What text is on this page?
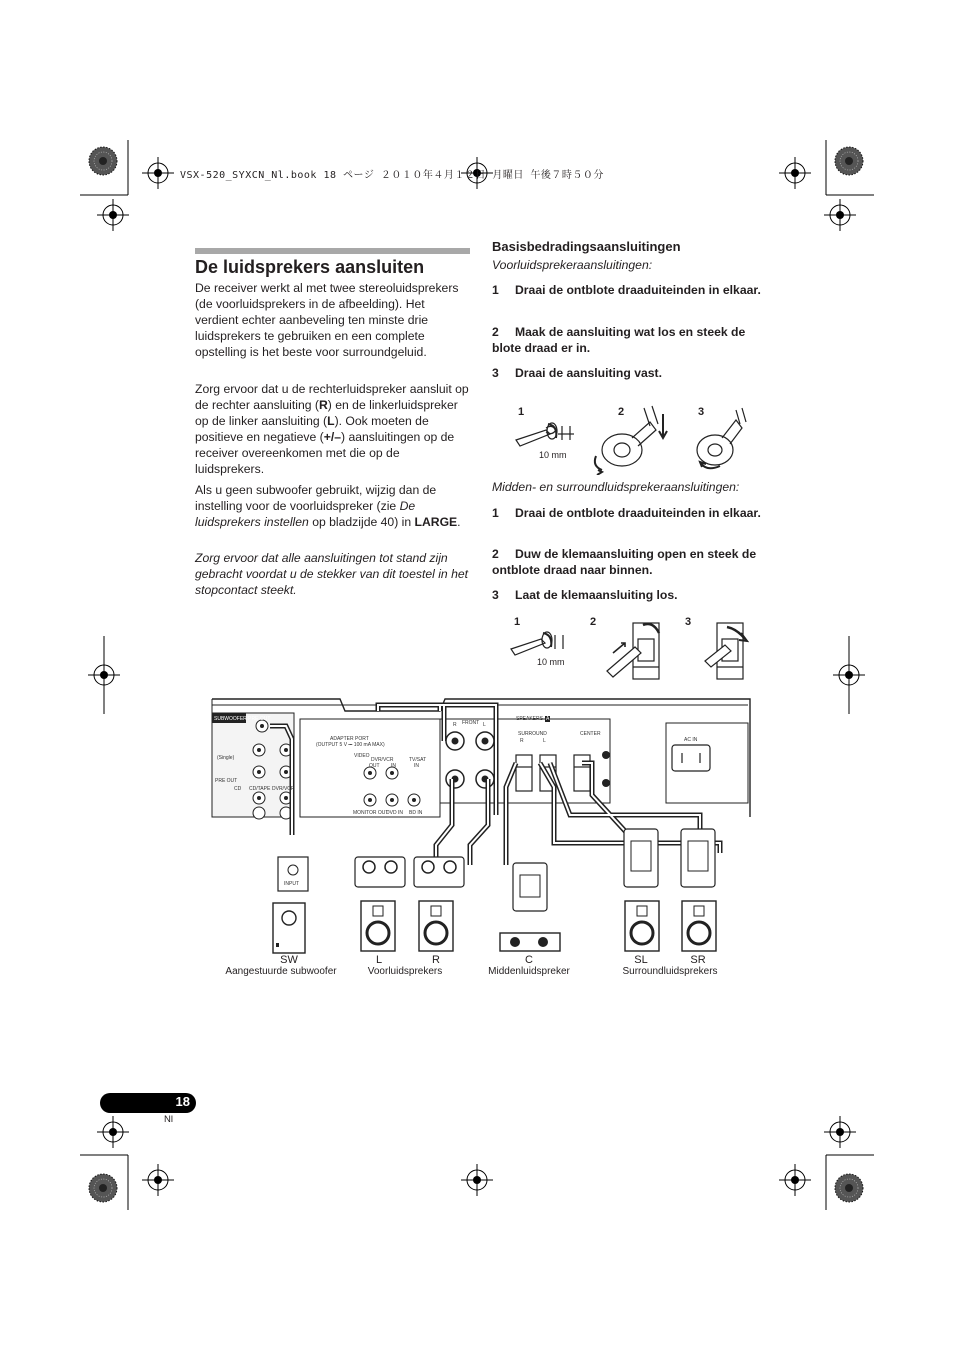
VSX-520_SYXCN_Nl.book 18 ページ ２０１０年４月１２日 月曜日 午後７時５０分
De luidsprekers aansluiten

De receiver werkt al met twee stereoluidsprekers (de voorluidsprekers in de afbeelding). Het verdient echter aanbeveling ten minste drie luidsprekers te gebruiken en een complete opstelling is het beste voor surroundgeluid.

Zorg ervoor dat u de rechterluidspreker aansluit op de rechter aansluiting (R) en de linkerluidspreker op de linker aansluiting (L). Ook moeten de positieve en negatieve (+/–) aansluitingen op de receiver overeenkomen met die op de luidsprekers.

Als u geen subwoofer gebruikt, wijzig dan de instelling voor de voorluidspreker (zie De luidsprekers instellen op bladzijde 40) in LARGE.

Zorg ervoor dat alle aansluitingen tot stand zijn gebracht voordat u de stekker van dit toestel in het stopcontact steekt.

Basisbedradingsaansluitingen
Voorluidsprekeraansluitingen:

1 Draai de ontblote draaduiteinden in elkaar.

2 Maak de aansluiting wat los en steek de blote draad er in.

3 Draai de aansluiting vast.

1	2	3
10 mm
Midden- en surroundluidsprekeraansluitingen:

1 Draai de ontblote draaduiteinden in elkaar.

2 Duw de klemaansluiting open en steek de ontblote draad naar binnen.

3 Laat de klemaansluiting los.

1	2	3
10 mm
SUBWOOFER PRE OUT
(Single)
PRE OUT
CD CD/TAPE DVR/VCR
ADAPTER PORT
(OUTPUT 5 V ⎓ 100 mA MAX)
VIDEO
DVR/VCR
OUT IN
TV/SAT
IN
MONITOR OUT
DVD IN BD IN
FRONT
R	L
SPEAKERS A
SURROUND
R	L
CENTER
AC IN
INPUT
SW	L	R	C	SL	SR
Aangestuurde subwoofer	Voorluidsprekers	Middenluidspreker	Surroundluidsprekers
18
Nl
